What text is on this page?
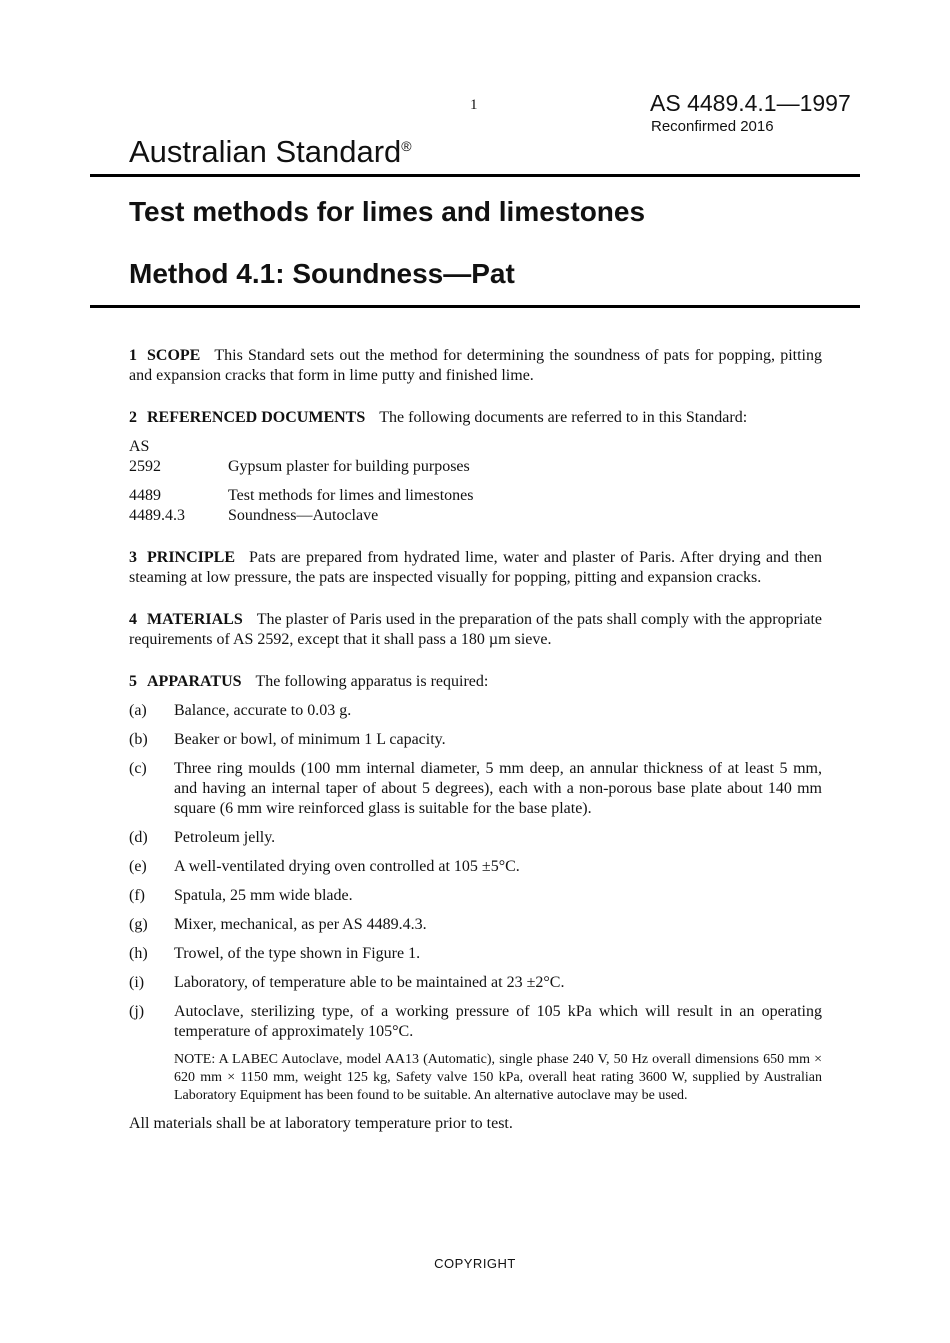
1	AS 4489.4.1—1997
Reconfirmed 2016
Australian Standard®
Test methods for limes and limestones
Method 4.1: Soundness—Pat

1 SCOPE This Standard sets out the method for determining the soundness of pats for popping, pitting and expansion cracks that form in lime putty and finished lime.

2 REFERENCED DOCUMENTS The following documents are referred to in this Standard:

AS
2592	Gypsum plaster for building purposes
4489	Test methods for limes and limestones
4489.4.3	Soundness—Autoclave

3 PRINCIPLE Pats are prepared from hydrated lime, water and plaster of Paris. After drying and then steaming at low pressure, the pats are inspected visually for popping, pitting and expansion cracks.

4 MATERIALS The plaster of Paris used in the preparation of the pats shall comply with the appropriate requirements of AS 2592, except that it shall pass a 180 µm sieve.

5 APPARATUS The following apparatus is required:

(a)	Balance, accurate to 0.03 g.
(b)	Beaker or bowl, of minimum 1 L capacity.
(c)	Three ring moulds (100 mm internal diameter, 5 mm deep, an annular thickness of at least 5 mm, and having an internal taper of about 5 degrees), each with a non-porous base plate about 140 mm square (6 mm wire reinforced glass is suitable for the base plate).
(d)	Petroleum jelly.
(e)	A well-ventilated drying oven controlled at 105 ±5°C.
(f)	Spatula, 25 mm wide blade.
(g)	Mixer, mechanical, as per AS 4489.4.3.
(h)	Trowel, of the type shown in Figure 1.
(i)	Laboratory, of temperature able to be maintained at 23 ±2°C.
(j)	Autoclave, sterilizing type, of a working pressure of 105 kPa which will result in an operating temperature of approximately 105°C.
NOTE: A LABEC Autoclave, model AA13 (Automatic), single phase 240 V, 50 Hz overall dimensions 650 mm × 620 mm × 1150 mm, weight 125 kg, Safety valve 150 kPa, overall heat rating 3600 W, supplied by Australian Laboratory Equipment has been found to be suitable. An alternative autoclave may be used.

All materials shall be at laboratory temperature prior to test.

COPYRIGHT
